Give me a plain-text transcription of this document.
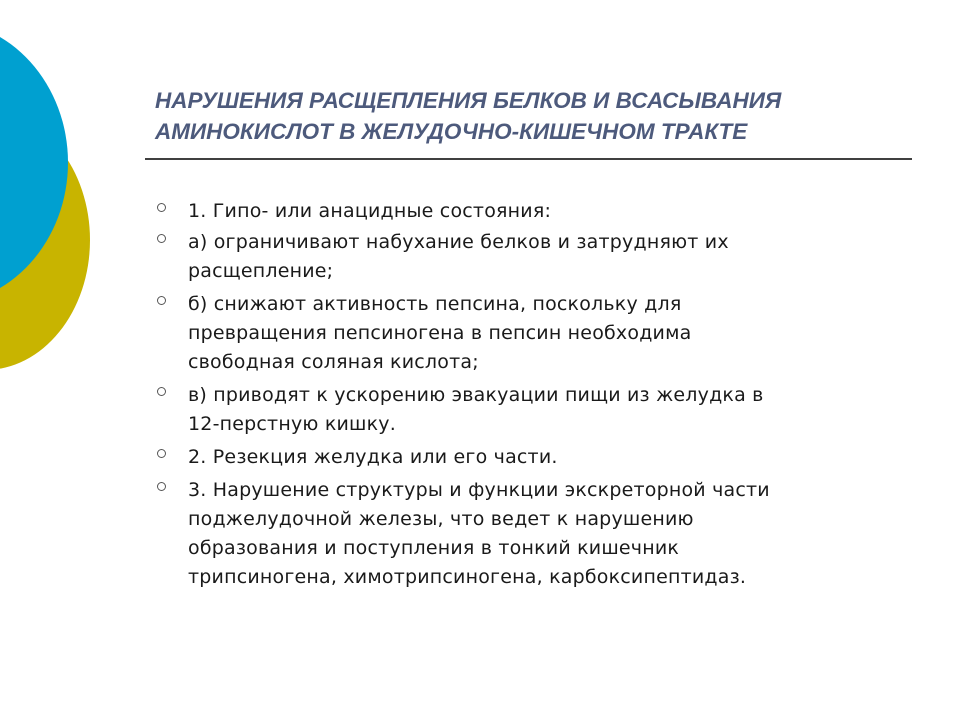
НАРУШЕНИЯ РАСЩЕПЛЕНИЯ БЕЛКОВ И ВСАСЫВАНИЯ АМИНОКИСЛОТ В ЖЕЛУДОЧНО-КИШЕЧНОМ ТРАКТЕ
1. Гипо- или анацидные состояния:
а) ограничивают набухание белков и затрудняют их
расщепление;
б) снижают активность пепсина, поскольку для
превращения пепсиногена в пепсин необходима
свободная соляная кислота;
в) приводят к ускорению эвакуации пищи из желудка в
12-перстную кишку.
2. Резекция желудка или его части.
3. Нарушение структуры и функции экскреторной части
поджелудочной железы, что ведет к нарушению
образования и поступления в тонкий кишечник
трипсиногена, химотрипсиногена, карбоксипептидаз.
